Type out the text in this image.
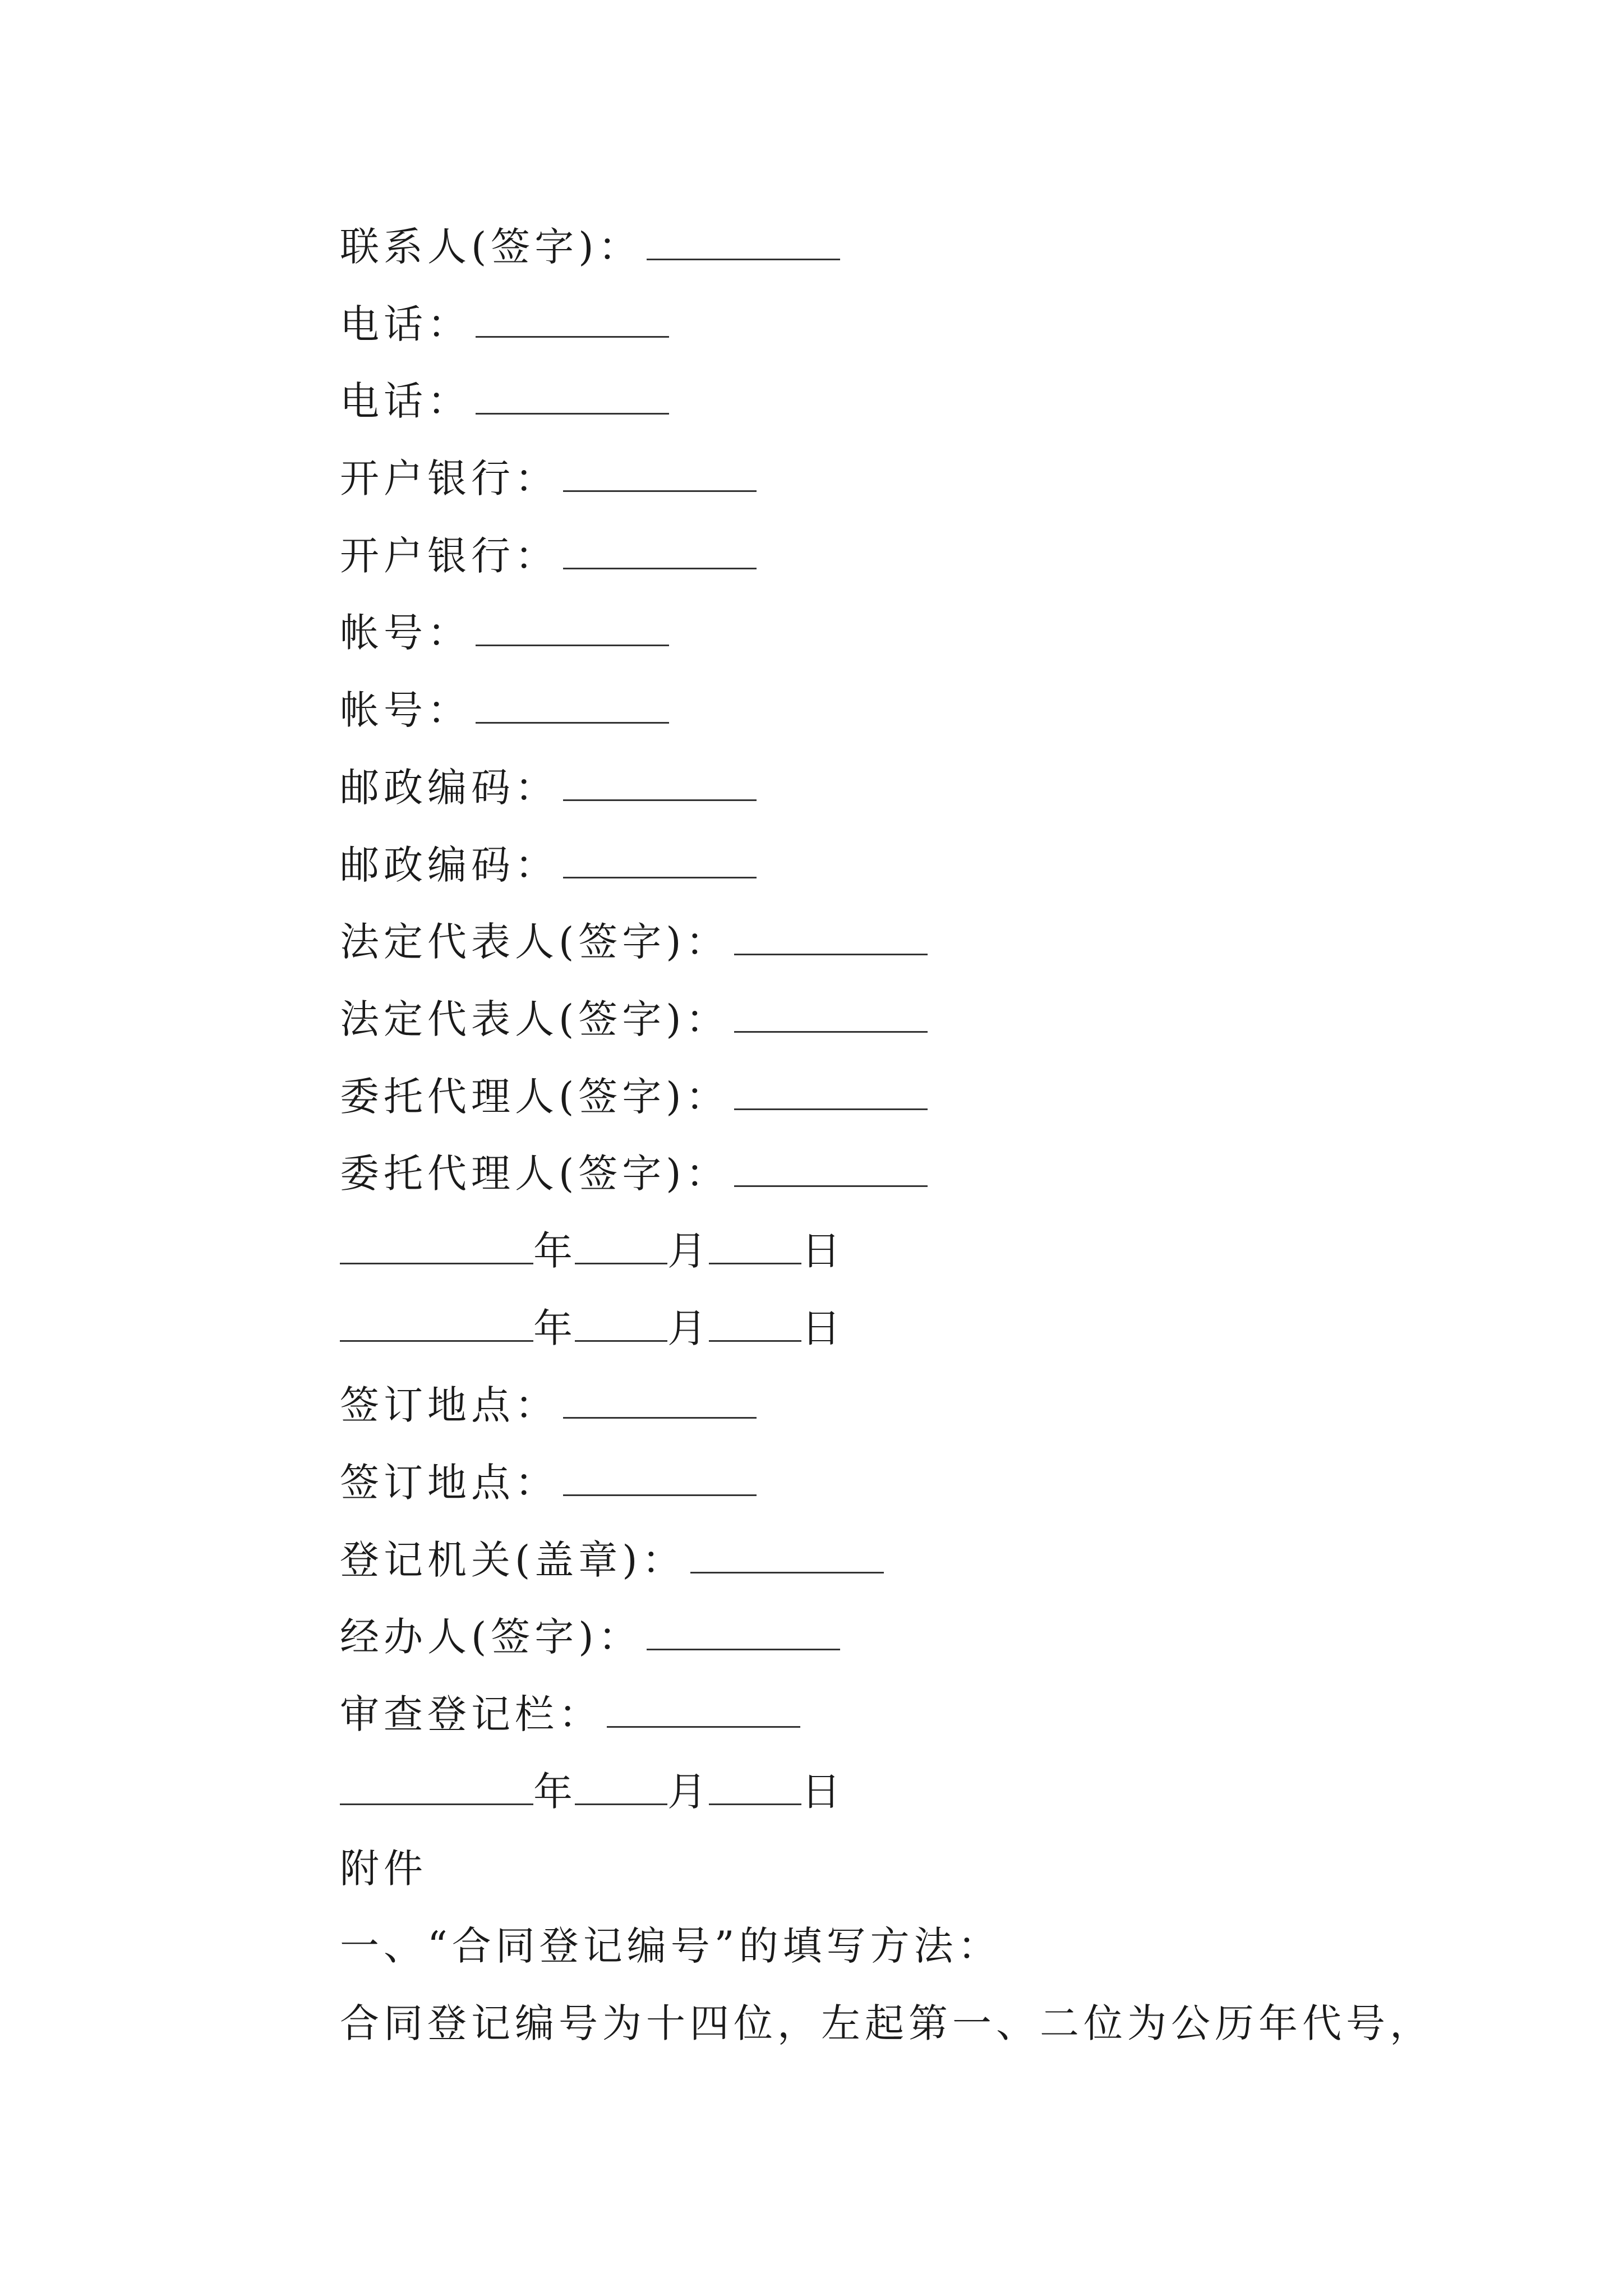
联系人(签字)：
电话：
电话：
开户银行：
开户银行：
帐号：
帐号：
邮政编码：
邮政编码：
法定代表人(签字)：
法定代表人(签字)：
委托代理人(签字)：
委托代理人(签字)：
年 月 日
年 月 日
签订地点：
签订地点：
登记机关(盖章)：
经办人(签字)：
审查登记栏：
年 月 日
附件
一、“合同登记编号”的填写方法：
合同登记编号为十四位，左起第一、二位为公历年代号，
